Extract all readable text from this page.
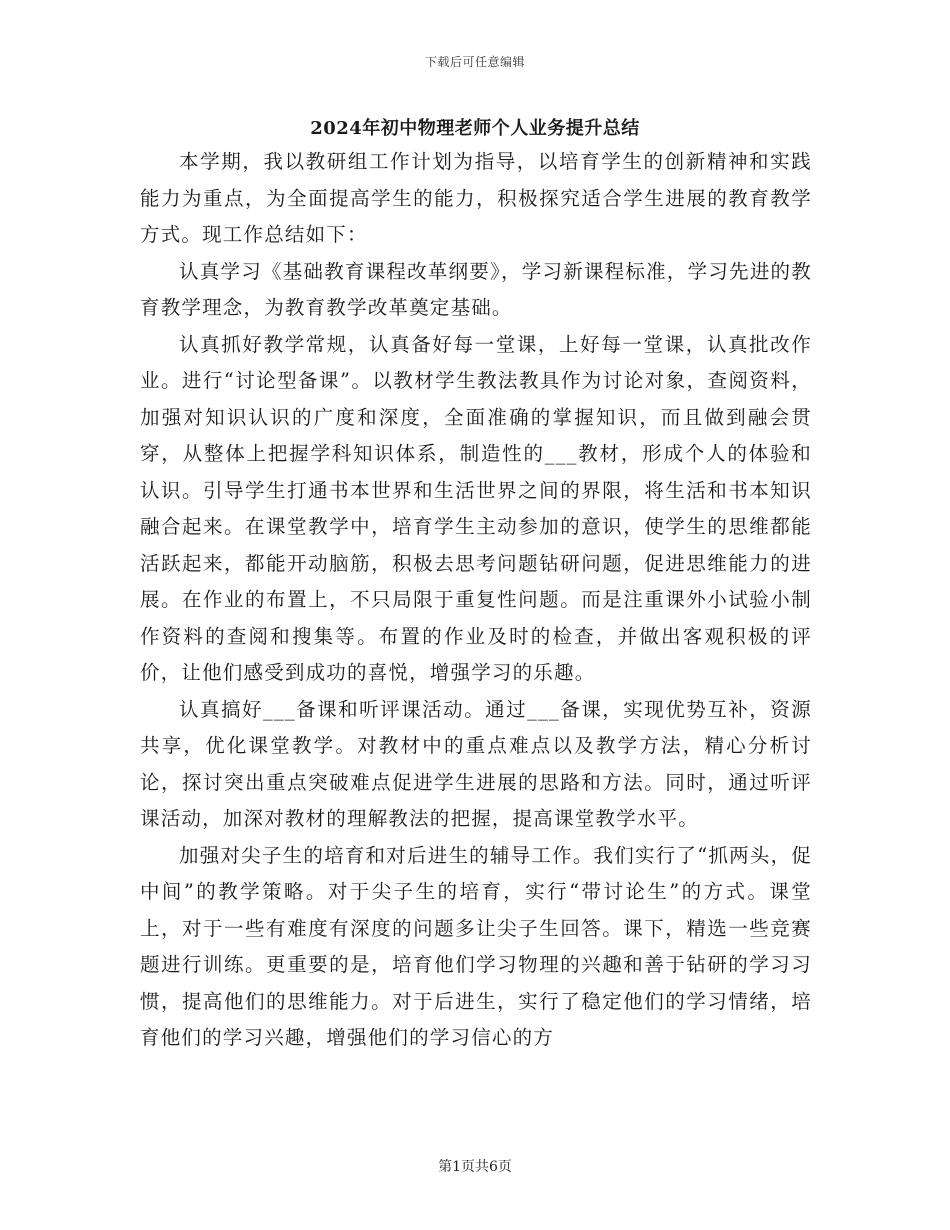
下载后可任意编辑
2024年初中物理老师个人业务提升总结

本学期，我以教研组工作计划为指导，以培育学生的创新精神和实践能力为重点，为全面提高学生的能力，积极探究适合学生进展的教育教学方式。现工作总结如下：

认真学习《基础教育课程改革纲要》，学习新课程标准，学习先进的教育教学理念，为教育教学改革奠定基础。

认真抓好教学常规，认真备好每一堂课，上好每一堂课，认真批改作业。进行“讨论型备课”。以教材学生教法教具作为讨论对象，查阅资料，加强对知识认识的广度和深度，全面准确的掌握知识，而且做到融会贯穿，从整体上把握学科知识体系，制造性的___教材，形成个人的体验和认识。引导学生打通书本世界和生活世界之间的界限，将生活和书本知识融合起来。在课堂教学中，培育学生主动参加的意识，使学生的思维都能活跃起来，都能开动脑筋，积极去思考问题钻研问题，促进思维能力的进展。在作业的布置上，不只局限于重复性问题。而是注重课外小试验小制作资料的查阅和搜集等。布置的作业及时的检查，并做出客观积极的评价，让他们感受到成功的喜悦，增强学习的乐趣。

认真搞好___备课和听评课活动。通过___备课，实现优势互补，资源共享，优化课堂教学。对教材中的重点难点以及教学方法，精心分析讨论，探讨突出重点突破难点促进学生进展的思路和方法。同时，通过听评课活动，加深对教材的理解教法的把握，提高课堂教学水平。

加强对尖子生的培育和对后进生的辅导工作。我们实行了“抓两头，促中间”的教学策略。对于尖子生的培育，实行“带讨论生”的方式。课堂上，对于一些有难度有深度的问题多让尖子生回答。课下，精选一些竞赛题进行训练。更重要的是，培育他们学习物理的兴趣和善于钻研的学习习惯，提高他们的思维能力。对于后进生，实行了稳定他们的学习情绪，培育他们的学习兴趣，增强他们的学习信心的方

第1页共6页
